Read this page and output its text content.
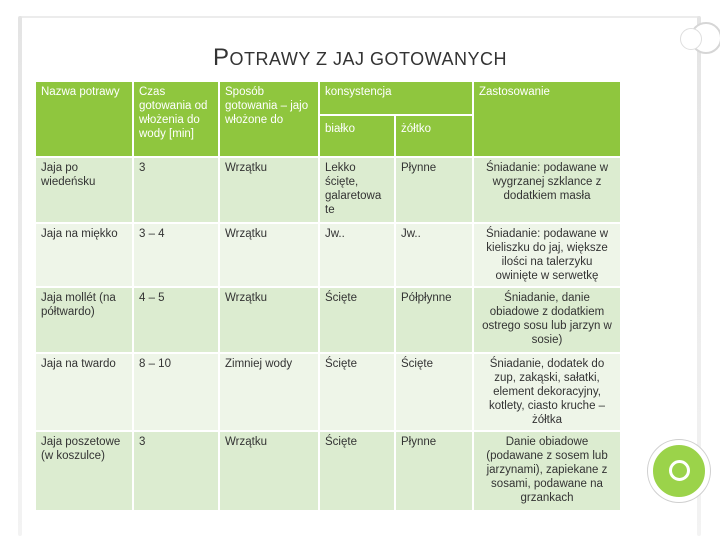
POTRAWY Z JAJ GOTOWANYCH
Nazwa potrawy	Czas gotowania od włożenia do wody [min]	Sposób gotowania – jajo włożone do	konsystencja		Zastosowanie
			białko	żółtko	
Jaja po wiedeńsku	3	Wrzątku	Lekko ścięte, galaretowa te	Płynne	Śniadanie: podawane w wygrzanej szklance z dodatkiem masła
Jaja na miękko	3 – 4	Wrzątku	Jw..	Jw..	Śniadanie: podawane w kieliszku do jaj, większe ilości na talerzyku owinięte w serwetkę
Jaja mollét (na półtwardo)	4 – 5	Wrzątku	Ścięte	Półpłynne	Śniadanie, danie obiadowe z dodatkiem ostrego sosu lub jarzyn w sosie)
Jaja na twardo	8 – 10	Zimniej wody	Ścięte	Ścięte	Śniadanie, dodatek do zup, zakąski, sałatki, element dekoracyjny, kotlety, ciasto kruche – żółtka
Jaja poszetowe (w koszulce)	3	Wrzątku	Ścięte	Płynne	Danie obiadowe (podawane z sosem lub jarzynami), zapiekane z sosami, podawane na grzankach
